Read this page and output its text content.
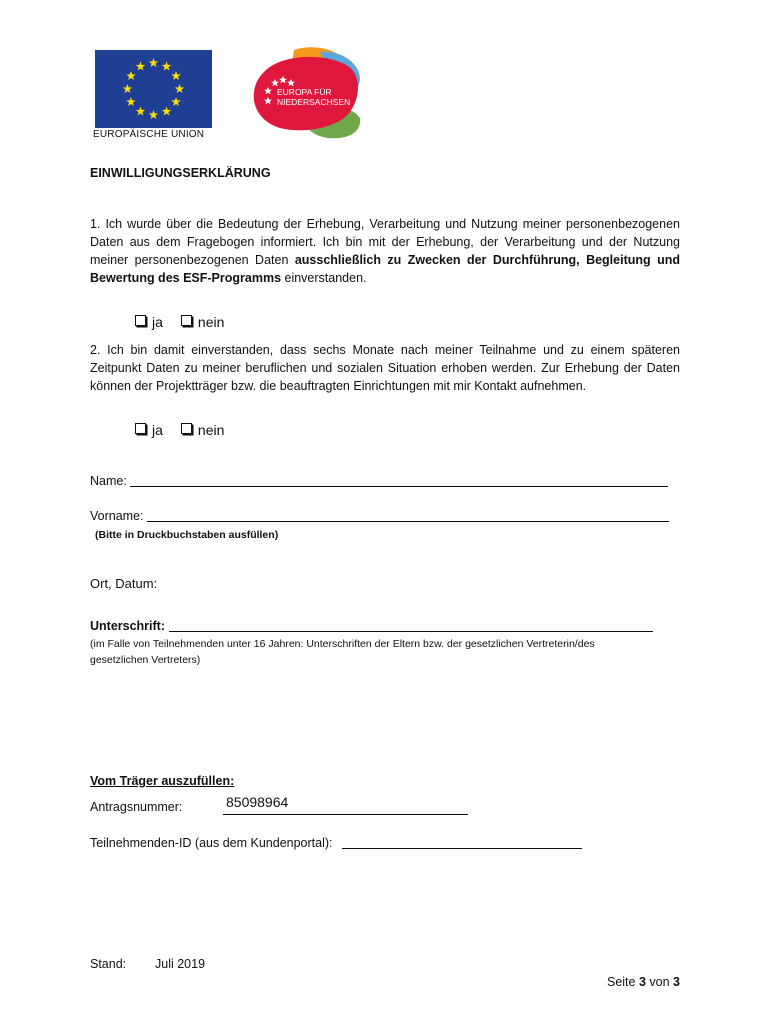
EUROPÄISCHE UNION
EUROPA FÜR
NIEDERSACHSEN
EINWILLIGUNGSERKLÄRUNG
1. Ich wurde über die Bedeutung der Erhebung, Verarbeitung und Nutzung meiner personenbezogenen Daten aus dem Fragebogen informiert. Ich bin mit der Erhebung, der Verarbeitung und der Nutzung meiner personenbezogenen Daten ausschließlich zu Zwecken der Durchführung, Begleitung und Bewertung des ESF-Programms einverstanden.
ja	nein
2. Ich bin damit einverstanden, dass sechs Monate nach meiner Teilnahme und zu einem späteren Zeitpunkt Daten zu meiner beruflichen und sozialen Situation erhoben werden. Zur Erhebung der Daten können der Projektträger bzw. die beauftragten Einrichtungen mit mir Kontakt aufnehmen.
ja	nein
Name:
Vorname:
(Bitte in Druckbuchstaben ausfüllen)
Ort, Datum:
Unterschrift:
(im Falle von Teilnehmenden unter 16 Jahren: Unterschriften der Eltern bzw. der gesetzlichen Vertreterin/des gesetzlichen Vertreters)
Vom Träger auszufüllen:
Antragsnummer:	85098964
Teilnehmenden-ID (aus dem Kundenportal):
Stand: Juli 2019
Seite 3 von 3
